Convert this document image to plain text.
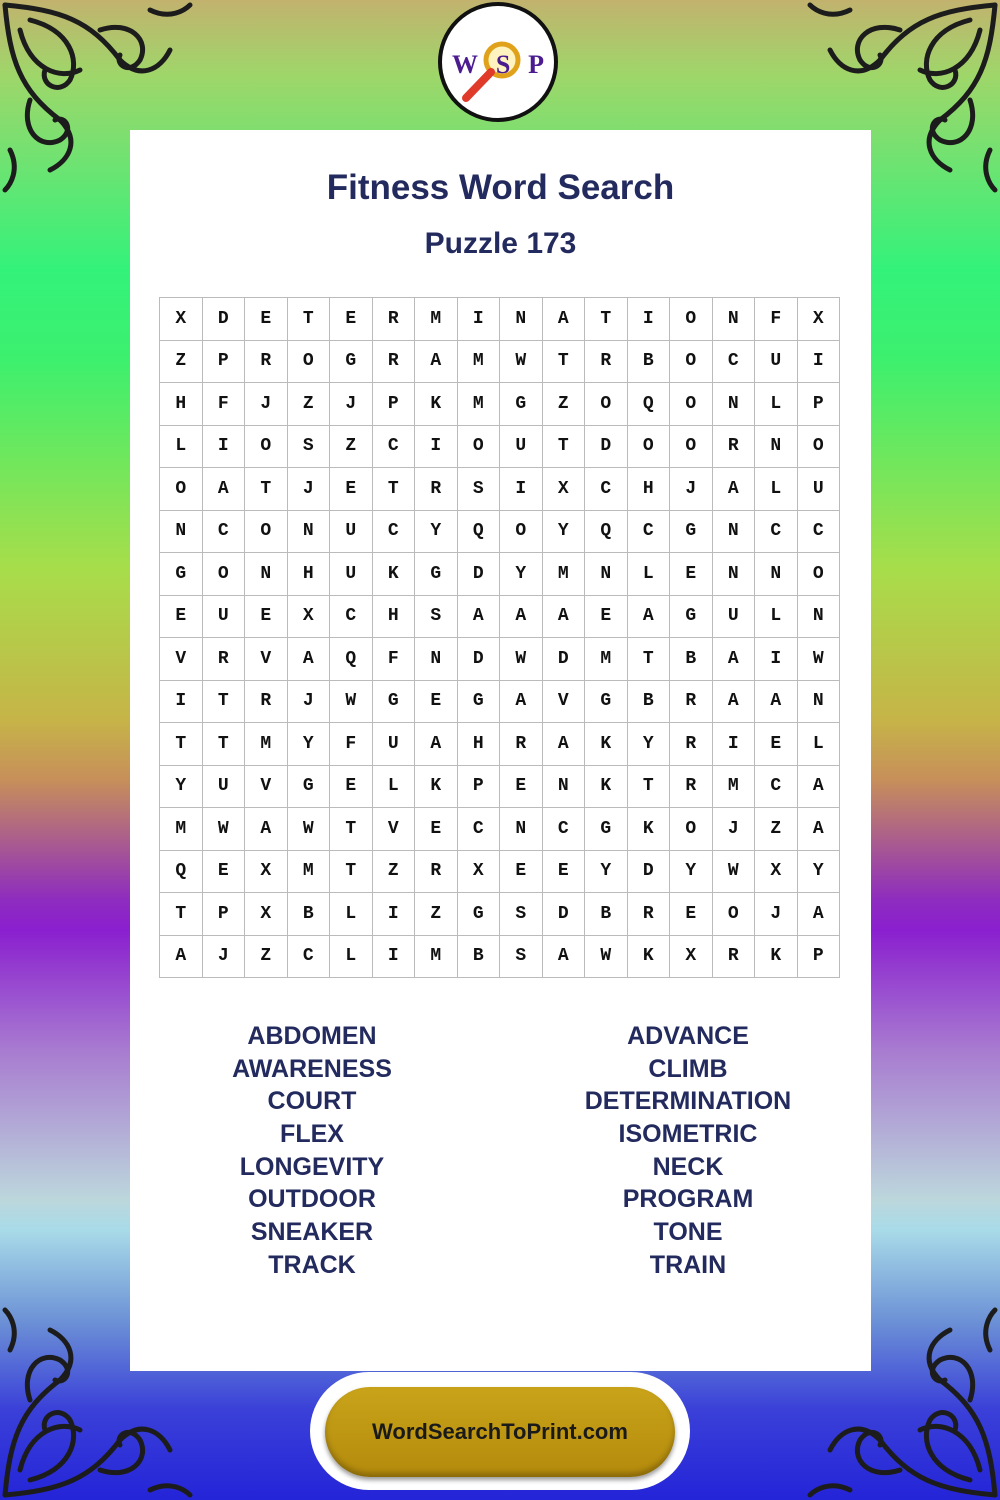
W S P
Fitness Word Search
Puzzle 173
X	D	E	T	E	R	M	I	N	A	T	I	O	N	F	X
Z	P	R	O	G	R	A	M	W	T	R	B	O	C	U	I
H	F	J	Z	J	P	K	M	G	Z	O	Q	O	N	L	P
L	I	O	S	Z	C	I	O	U	T	D	O	O	R	N	O
O	A	T	J	E	T	R	S	I	X	C	H	J	A	L	U
N	C	O	N	U	C	Y	Q	O	Y	Q	C	G	N	C	C
G	O	N	H	U	K	G	D	Y	M	N	L	E	N	N	O
E	U	E	X	C	H	S	A	A	A	E	A	G	U	L	N
V	R	V	A	Q	F	N	D	W	D	M	T	B	A	I	W
I	T	R	J	W	G	E	G	A	V	G	B	R	A	A	N
T	T	M	Y	F	U	A	H	R	A	K	Y	R	I	E	L
Y	U	V	G	E	L	K	P	E	N	K	T	R	M	C	A
M	W	A	W	T	V	E	C	N	C	G	K	O	J	Z	A
Q	E	X	M	T	Z	R	X	E	E	Y	D	Y	W	X	Y
T	P	X	B	L	I	Z	G	S	D	B	R	E	O	J	A
A	J	Z	C	L	I	M	B	S	A	W	K	X	R	K	P
ABDOMEN
AWARENESS
COURT
FLEX
LONGEVITY
OUTDOOR
SNEAKER
TRACK
ADVANCE
CLIMB
DETERMINATION
ISOMETRIC
NECK
PROGRAM
TONE
TRAIN
WordSearchToPrint.com
